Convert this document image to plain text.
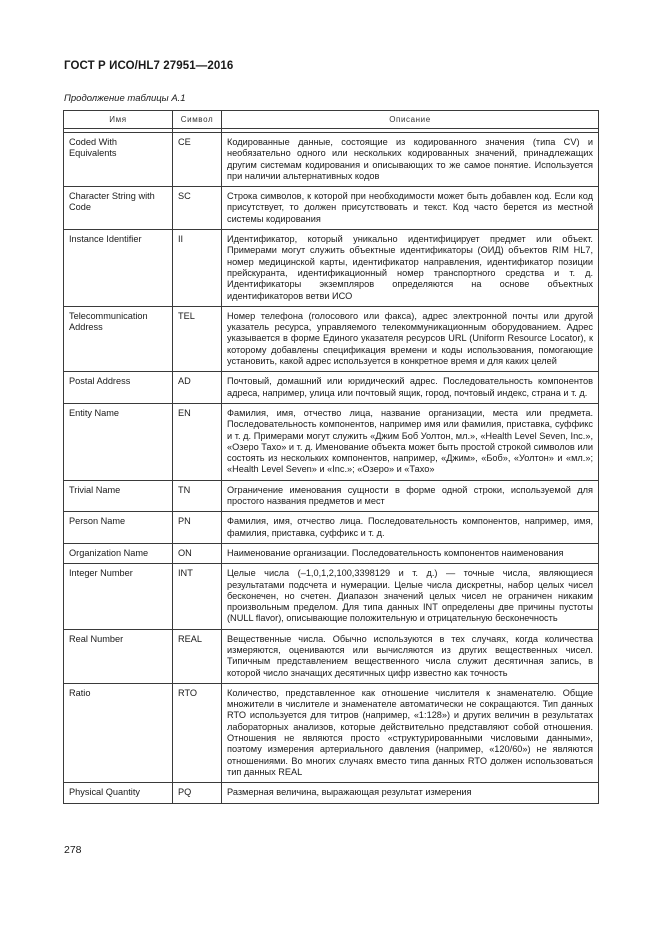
ГОСТ Р ИСО/HL7 27951—2016
Продолжение таблицы А.1
Имя	Символ	Описание

Coded With Equivalents	CE	Кодированные данные, состоящие из кодированного значения (типа CV) и необязательно одного или нескольких кодированных значений, принадлежащих другим системам кодирования и описывающих то же самое понятие. Используется при наличии альтернативных кодов
Character String with Code	SC	Строка символов, к которой при необходимости может быть добавлен код. Если код присутствует, то должен присутствовать и текст. Код часто берется из местной системы кодирования
Instance Identifier	II	Идентификатор, который уникально идентифицирует предмет или объект. Примерами могут служить объектные идентификаторы (ОИД) объектов RIM HL7, номер медицинской карты, идентификатор направления, идентификатор позиции прейскуранта, идентификационный номер транспортного средства и т. д. Идентификаторы экземпляров определяются на основе объектных идентификаторов ветви ИСО
Telecommunication Address	TEL	Номер телефона (голосового или факса), адрес электронной почты или другой указатель ресурса, управляемого телекоммуникационным оборудованием. Адрес указывается в форме Единого указателя ресурсов URL (Uniform Resource Locator), к которому добавлены спецификация времени и коды использования, помогающие установить, какой адрес используется в конкретное время и для каких целей
Postal Address	AD	Почтовый, домашний или юридический адрес. Последовательность компонентов адреса, например, улица или почтовый ящик, город, почтовый индекс, страна и т. д.
Entity Name	EN	Фамилия, имя, отчество лица, название организации, места или предмета. Последовательность компонентов, например имя или фамилия, приставка, суффикс и т. д. Примерами могут служить «Джим Боб Уолтон, мл.», «Health Level Seven, Inc.», «Озеро Тахо» и т. д. Именование объекта может быть простой строкой символов или состоять из нескольких компонентов, например, «Джим», «Боб», «Уолтон» и «мл.»; «Health Level Seven» и «Inc.»; «Озеро» и «Тахо»
Trivial Name	TN	Ограничение именования сущности в форме одной строки, используемой для простого названия предметов и мест
Person Name	PN	Фамилия, имя, отчество лица. Последовательность компонентов, например, имя, фамилия, приставка, суффикс и т. д.
Organization Name	ON	Наименование организации. Последовательность компонентов наименования
Integer Number	INT	Целые числа (–1,0,1,2,100,3398129 и т. д.) — точные числа, являющиеся результатами подсчета и нумерации. Целые числа дискретны, набор целых чисел бесконечен, но счетен. Диапазон значений целых чисел не ограничен никаким произвольным пределом. Для типа данных INT определены две причины пустоты (NULL flavor), описывающие положительную и отрицательную бесконечность
Real Number	REAL	Вещественные числа. Обычно используются в тех случаях, когда количества измеряются, оцениваются или вычисляются из других вещественных чисел. Типичным представлением вещественного числа служит десятичная запись, в которой число значащих десятичных цифр известно как точность
Ratio	RTO	Количество, представленное как отношение числителя к знаменателю. Общие множители в числителе и знаменателе автоматически не сокращаются. Тип данных RTO используется для титров (например, «1:128») и других величин в результатах лабораторных анализов, которые действительно представляют собой отношения. Отношения не являются просто «структурированными числовыми данными», поэтому измерения артериального давления (например, «120/60») не являются отношениями. Во многих случаях вместо типа данных RTO должен использоваться тип данных REAL
Physical Quantity	PQ	Размерная величина, выражающая результат измерения
278
